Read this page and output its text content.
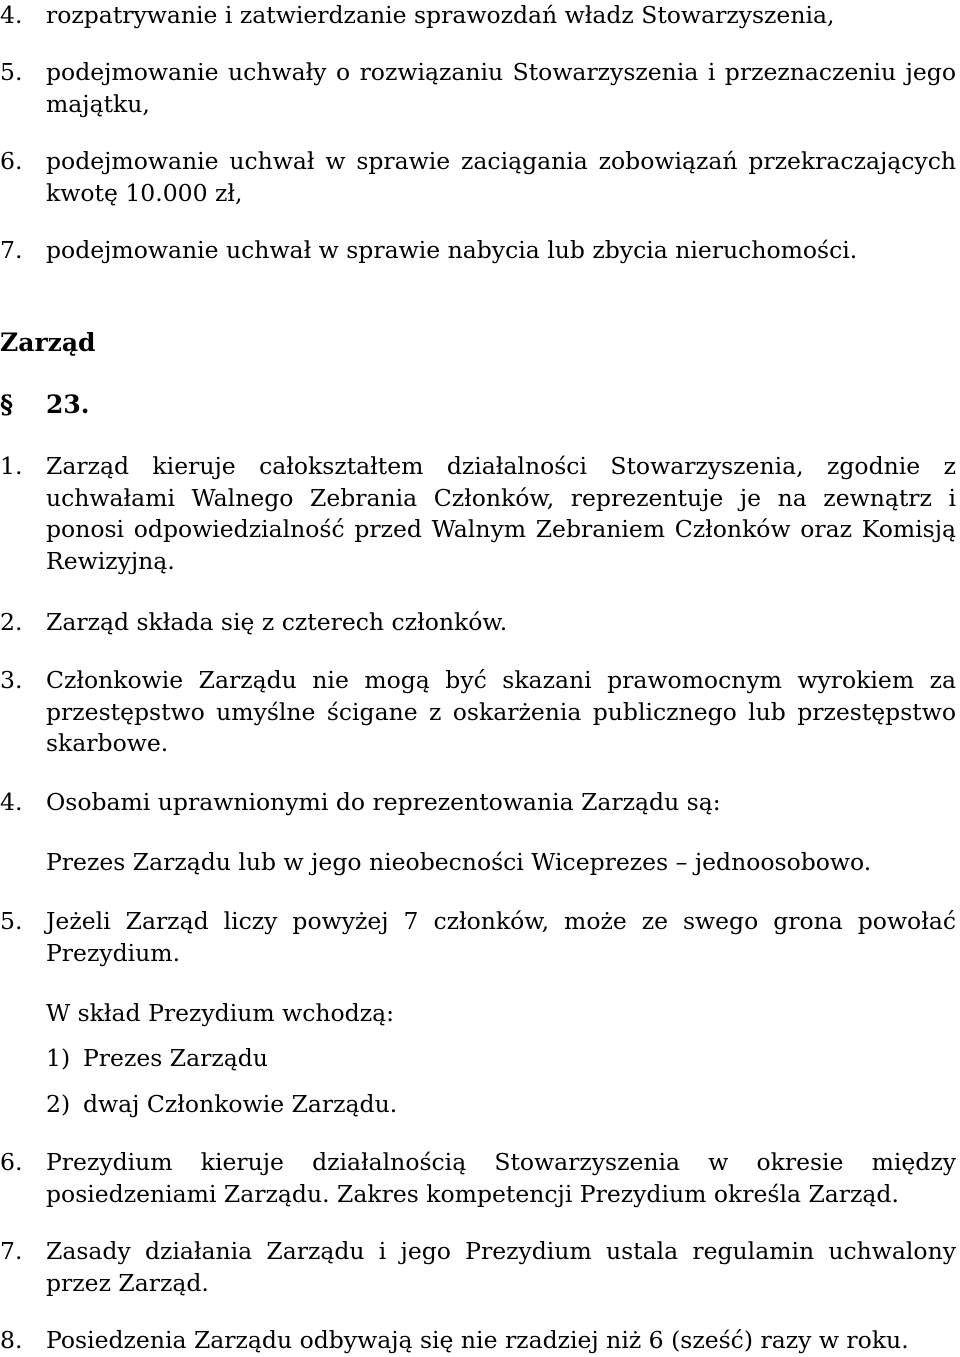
4.	rozpatrywanie i zatwierdzanie sprawozdań władz Stowarzyszenia,
5.	podejmowanie uchwały o rozwiązaniu Stowarzyszenia i przeznaczeniu jego majątku,
6.	podejmowanie uchwał w sprawie zaciągania zobowiązań przekraczających kwotę 10.000 zł,
7.	podejmowanie uchwał w sprawie nabycia lub zbycia nieruchomości.
Zarząd
§ 23.
1.	Zarząd kieruje całokształtem działalności Stowarzyszenia, zgodnie z uchwałami Walnego Zebrania Członków, reprezentuje je na zewnątrz i ponosi odpowiedzialność przed Walnym Zebraniem Członków oraz Komisją Rewizyjną.
2.	Zarząd składa się z czterech członków.
3.	Członkowie Zarządu nie mogą być skazani prawomocnym wyrokiem za przestępstwo umyślne ścigane z oskarżenia publicznego lub przestępstwo skarbowe.
4.	Osobami uprawnionymi do reprezentowania Zarządu są:
Prezes Zarządu lub w jego nieobecności Wiceprezes – jednoosobowo.
5.	Jeżeli Zarząd liczy powyżej 7 członków, może ze swego grona powołać Prezydium.
W skład Prezydium wchodzą:
1) Prezes Zarządu
2) dwaj Członkowie Zarządu.
6.	Prezydium kieruje działalnością Stowarzyszenia w okresie między posiedzeniami Zarządu. Zakres kompetencji Prezydium określa Zarząd.
7.	Zasady działania Zarządu i jego Prezydium ustala regulamin uchwalony przez Zarząd.
8.	Posiedzenia Zarządu odbywają się nie rzadziej niż 6 (sześć) razy w roku.
